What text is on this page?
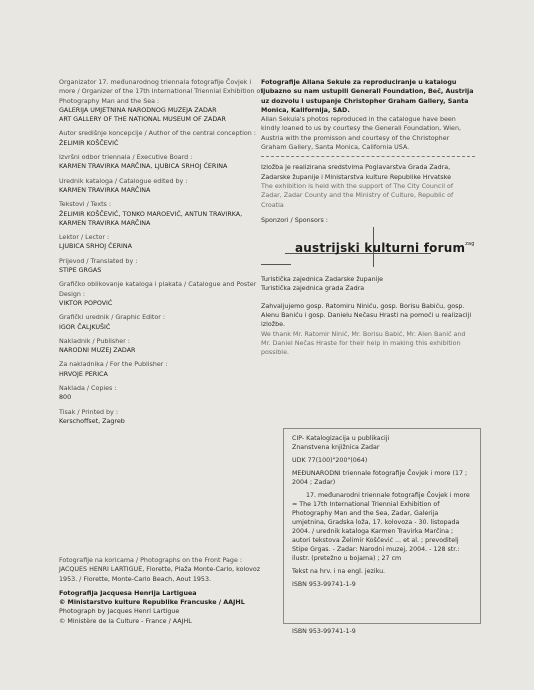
Organizator 17. međunarodnog triennala fotografije Čovjek i more / Organizer of the 17th International Triennial Exhibition of Photography Man and the Sea :
GALERIJA UMJETNINA NARODNOG MUZEJA ZADAR
ART GALLERY OF THE NATIONAL MUSEUM OF ZADAR
Autor središnje koncepcije / Author of the central conception :
ŽELIMIR KOŠČEVIĆ
Izvršni odbor triennala / Executive Board :
KARMEN TRAVIRKA MARČINA, LJUBICA SRHOJ ĆERINA
Urednik kataloga / Catalogue edited by :
KARMEN TRAVIRKA MARČINA
Tekstovi / Texts :
ŽELIMIR KOŠČEVIĆ, TONKO MAROEVIĆ, ANTUN TRAVIRKA,
KARMEN TRAVIRKA MARČINA
Lektor / Lector :
LJUBICA SRHOJ ĆERINA
Prijevod / Translated by :
STIPE GRGAS
Grafičko oblikovanje kataloga i plakata / Catalogue and Poster Design :
VIKTOR POPOVIĆ
Grafički urednik / Graphic Editor :
IGOR ČALJKUŠIĆ
Nakladnik / Publisher :
NARODNI MUZEJ ZADAR
Za nakladnika / For the Publisher :
HRVOJE PERICA
Naklada / Copies :
800
Tisak / Printed by :
Kerschoffset, Zagreb
Fotografije na koricama / Photographs on the Front Page :
JACQUES HENRI LARTIGUE, Florette, Plaža Monte-Carlo, kolovoz 1953. / Florette, Monte-Carlo Beach, Aout 1953.
Fotografija Jacquesa Henrija Lartiguea
© Ministarstvo kulture Republike Francuske / AAJHL
Photograph by Jacques Henri Lartigue
© Ministère de la Culture - France / AAJHL
Fotografije Allana Sekule za reproduciranje u katalogu ljubazno su nam ustupili Generali Foundation, Beč, Austrija uz dozvolu i ustupanje Christopher Graham Gallery, Santa Monica, Kalifornija, SAD.
Allan Sekula's photos reproduced in the catalogue have been kindly loaned to us by courtesy the Generali Foundation, Wien, Austria with the promisson and courtesy of the Christopher Graham Gallery, Santa Monica, California USA.
Izložba je realizirana sredstvima Poglavarstva Grada Zadra, Zadarske županije i Ministarstva kulture Republike Hrvatske
The exhibition is held with the support of The City Council of Zadar, Zadar County and the Ministry of Culture, Republic of Croatia
Sponzori / Sponsors :
austrijski kulturni forum$^{zag}$
Turistička zajednica Zadarske županije
Turistička zajednica grada Zadra
Zahvaljujemo gosp. Ratomiru Niniću, gosp. Borisu Babiću, gosp. Alenu Baniću i gosp. Danielu Nečasu Hrasti na pomoći u realizaciji izložbe.
We thank Mr. Ratomir Ninić, Mr. Borisu Babić, Mr. Alen Banić and Mr. Daniel Nečas Hraste for their help in making this exhibition possible.
CIP- Katalogizacija u publikaciji
Znanstvena knjižnica Zadar
UDK 77(100)"200"(064)
MEĐUNARODNI triennale fotografije Čovjek i more (17 ; 2004 ; Zadar)
17. međunarodni triennale fotografije Čovjek i more = The 17th International Triennial Exhibition of Photography Man and the Sea, Zadar, Galerija umjetnina, Gradska loža, 17. kolovoza - 30. listopada 2004. / urednik kataloga Karmen Travirka Marčina ; autori tekstova Želimir Koščević ... et al. ; prevoditelj Stipe Grgas. - Zadar: Narodni muzej, 2004. - 128 str.: ilustr. (pretežno u bojama) ; 27 cm
Tekst na hrv. i na engl. jeziku.
ISBN 953-99741-1-9
ISBN 953-99741-1-9
